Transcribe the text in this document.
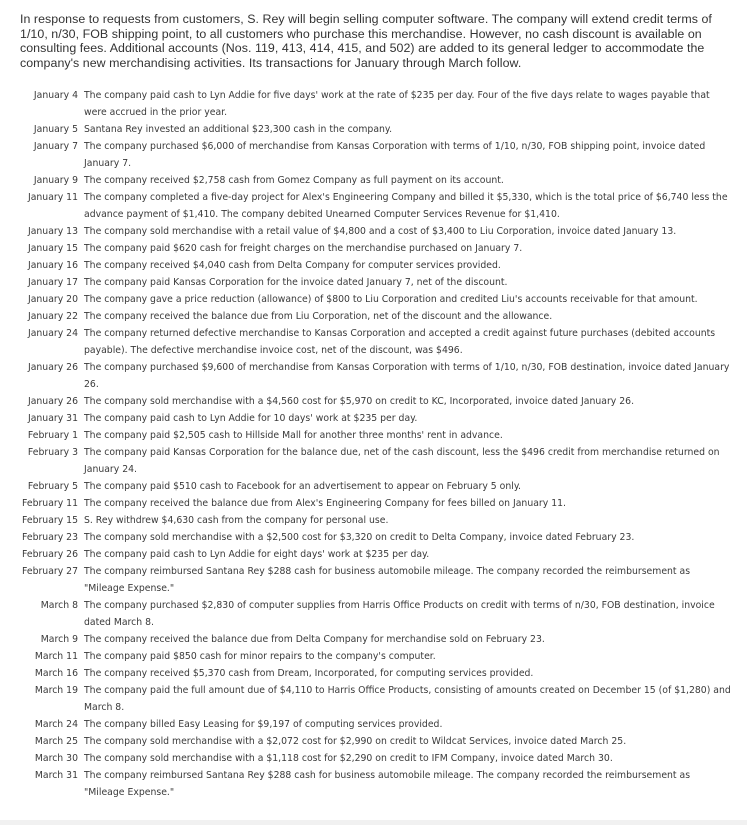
In response to requests from customers, S. Rey will begin selling computer software. The company will extend credit terms of 1/10, n/30, FOB shipping point, to all customers who purchase this merchandise. However, no cash discount is available on consulting fees. Additional accounts (Nos. 119, 413, 414, 415, and 502) are added to its general ledger to accommodate the company's new merchandising activities. Its transactions for January through March follow.

January 4	The company paid cash to Lyn Addie for five days' work at the rate of $235 per day. Four of the five days relate to wages payable that were accrued in the prior year.
January 5	Santana Rey invested an additional $23,300 cash in the company.
January 7	The company purchased $6,000 of merchandise from Kansas Corporation with terms of 1/10, n/30, FOB shipping point, invoice dated January 7.
January 9	The company received $2,758 cash from Gomez Company as full payment on its account.
January 11	The company completed a five-day project for Alex's Engineering Company and billed it $5,330, which is the total price of $6,740 less the advance payment of $1,410. The company debited Unearned Computer Services Revenue for $1,410.
January 13	The company sold merchandise with a retail value of $4,800 and a cost of $3,400 to Liu Corporation, invoice dated January 13.
January 15	The company paid $620 cash for freight charges on the merchandise purchased on January 7.
January 16	The company received $4,040 cash from Delta Company for computer services provided.
January 17	The company paid Kansas Corporation for the invoice dated January 7, net of the discount.
January 20	The company gave a price reduction (allowance) of $800 to Liu Corporation and credited Liu's accounts receivable for that amount.
January 22	The company received the balance due from Liu Corporation, net of the discount and the allowance.
January 24	The company returned defective merchandise to Kansas Corporation and accepted a credit against future purchases (debited accounts payable). The defective merchandise invoice cost, net of the discount, was $496.
January 26	The company purchased $9,600 of merchandise from Kansas Corporation with terms of 1/10, n/30, FOB destination, invoice dated January 26.
January 26	The company sold merchandise with a $4,560 cost for $5,970 on credit to KC, Incorporated, invoice dated January 26.
January 31	The company paid cash to Lyn Addie for 10 days' work at $235 per day.
February 1	The company paid $2,505 cash to Hillside Mall for another three months' rent in advance.
February 3	The company paid Kansas Corporation for the balance due, net of the cash discount, less the $496 credit from merchandise returned on January 24.
February 5	The company paid $510 cash to Facebook for an advertisement to appear on February 5 only.
February 11	The company received the balance due from Alex's Engineering Company for fees billed on January 11.
February 15	S. Rey withdrew $4,630 cash from the company for personal use.
February 23	The company sold merchandise with a $2,500 cost for $3,320 on credit to Delta Company, invoice dated February 23.
February 26	The company paid cash to Lyn Addie for eight days' work at $235 per day.
February 27	The company reimbursed Santana Rey $288 cash for business automobile mileage. The company recorded the reimbursement as "Mileage Expense."
March 8	The company purchased $2,830 of computer supplies from Harris Office Products on credit with terms of n/30, FOB destination, invoice dated March 8.
March 9	The company received the balance due from Delta Company for merchandise sold on February 23.
March 11	The company paid $850 cash for minor repairs to the company's computer.
March 16	The company received $5,370 cash from Dream, Incorporated, for computing services provided.
March 19	The company paid the full amount due of $4,110 to Harris Office Products, consisting of amounts created on December 15 (of $1,280) and March 8.
March 24	The company billed Easy Leasing for $9,197 of computing services provided.
March 25	The company sold merchandise with a $2,072 cost for $2,990 on credit to Wildcat Services, invoice dated March 25.
March 30	The company sold merchandise with a $1,118 cost for $2,290 on credit to IFM Company, invoice dated March 30.
March 31	The company reimbursed Santana Rey $288 cash for business automobile mileage. The company recorded the reimbursement as "Mileage Expense."
